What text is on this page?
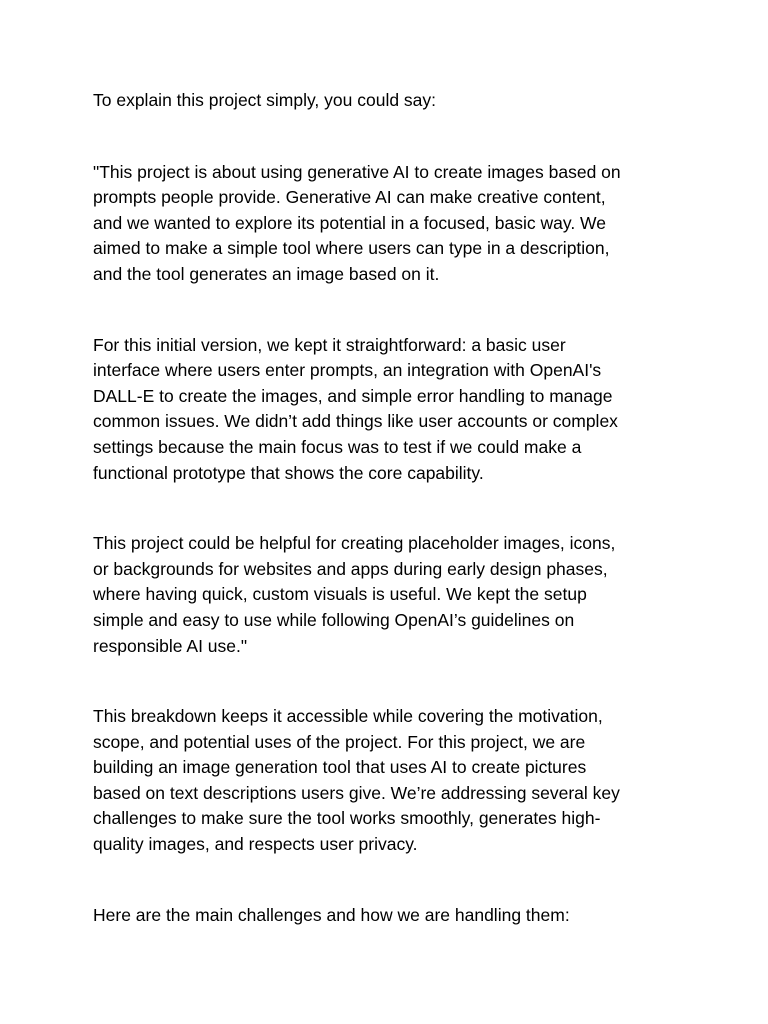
To explain this project simply, you could say:

"This project is about using generative AI to create images based on
prompts people provide. Generative AI can make creative content,
and we wanted to explore its potential in a focused, basic way. We
aimed to make a simple tool where users can type in a description,
and the tool generates an image based on it.

For this initial version, we kept it straightforward: a basic user
interface where users enter prompts, an integration with OpenAI's
DALL-E to create the images, and simple error handling to manage
common issues. We didn’t add things like user accounts or complex
settings because the main focus was to test if we could make a
functional prototype that shows the core capability.

This project could be helpful for creating placeholder images, icons,
or backgrounds for websites and apps during early design phases,
where having quick, custom visuals is useful. We kept the setup
simple and easy to use while following OpenAI’s guidelines on
responsible AI use."

This breakdown keeps it accessible while covering the motivation,
scope, and potential uses of the project. For this project, we are
building an image generation tool that uses AI to create pictures
based on text descriptions users give. We’re addressing several key
challenges to make sure the tool works smoothly, generates high-
quality images, and respects user privacy.

Here are the main challenges and how we are handling them:
